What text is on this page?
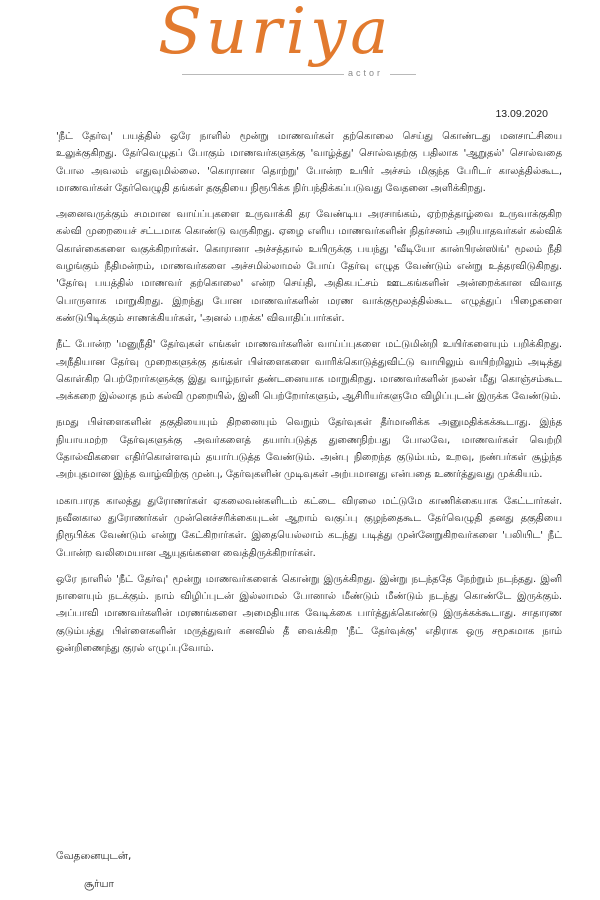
Suriya
actor
13.09.2020

'நீட் தேர்வு' பயத்தில் ஒரே நாளில் மூன்று மாணவர்கள் தற்கொலை செய்து கொண்டது மனசாட்சியை உலுக்குகிறது. தேர்வெழுதப் போகும் மாணவர்களுக்கு 'வாழ்த்து' சொல்வதற்கு பதிலாக 'ஆறுதல்' சொல்வதை போல அவலம் எதுவுமில்லை. 'கொரானா தொற்று' போன்ற உயிர் அச்சம் மிகுந்த பேரிடர் காலத்தில்கூட, மாணவர்கள் தேர்வெழுதி தங்கள் தகுதியை நிரூபிக்க நிர்பந்திக்கப்படுவது வேதனை அளிக்கிறது.

அனைவருக்கும் சமமான வாய்ப்புகளை உருவாக்கி தர வேண்டிய அரசாங்கம், ஏற்றத்தாழ்வை உருவாக்குகிற கல்வி முறையைச் சட்டமாக கொண்டு வருகிறது. ஏழை எளிய மாணவர்களின் நிதர்சனம் அறியாதவர்கள் கல்விக் கொள்கைகளை வகுக்கிறார்கள். கொரானா அச்சத்தால் உயிருக்கு பயந்து 'வீடியோ கான்பிரன்ஸிங்' மூலம் நீதி வழங்கும் நீதிமன்றம், மாணவர்களை அச்சமில்லாமல் போய் தேர்வு எழுத வேண்டும் என்று உத்தரவிடுகிறது. 'தேர்வு பயத்தில் மாணவர் தற்கொலை' என்ற செய்தி, அதிகபட்சம் ஊடகங்களின் அன்றைக்கான விவாத பொருளாக மாறுகிறது. இறந்து போன மாணவர்களின் மரண வாக்குமூலத்தில்கூட எழுத்துப் பிழைகளை கண்டுபிடிக்கும் சாணக்கியர்கள், 'அனல் பறக்க' விவாதிப்பார்கள்.

நீட் போன்ற 'மனுநீதி' தேர்வுகள் எங்கள் மாணவர்களின் வாய்ப்புகளை மட்டுமின்றி உயிர்களையும் பறிக்கிறது. அநீதியான தேர்வு முறைகளுக்கு தங்கள் பிள்ளைகளை வாரிக்கொடுத்துவிட்டு வாயிலும் வயிற்றிலும் அடித்து கொள்கிற பெற்றோர்களுக்கு இது வாழ்நாள் தண்டனையாக மாறுகிறது. மாணவர்களின் நலன் மீது கொஞ்சம்கூட அக்கறை இல்லாத நம் கல்வி முறையில், இனி பெற்றோர்களும், ஆசிரியர்களுமே விழிப்புடன் இருக்க வேண்டும்.

நமது பிள்ளைகளின் தகுதியையும் திறனையும் வெறும் தேர்வுகள் தீர்மானிக்க அனுமதிக்கக்கூடாது. இந்த நியாயமற்ற தேர்வுகளுக்கு அவர்களைத் தயார்படுத்த துணைநிற்பது போலவே, மாணவர்கள் வெற்றி தோல்விகளை எதிர்கொள்ளவும் தயார்படுத்த வேண்டும். அன்பு நிறைந்த குடும்பம், உறவு, நண்பர்கள் சூழ்ந்த அற்புதமான இந்த வாழ்விற்கு முன்பு, தேர்வுகளின் முடிவுகள் அற்பமானது என்பதை உணர்த்துவது முக்கியம்.

மகாபாரத காலத்து துரோணர்கள் ஏகலைவன்களிடம் கட்டை விரலை மட்டுமே காணிக்கையாக கேட்டார்கள். நவீனகால துரோணர்கள் முன்னெச்சரிக்கையுடன் ஆறாம் வகுப்பு குழந்தைகூட தேர்வெழுதி தனது தகுதியை நிரூபிக்க வேண்டும் என்று கேட்கிறார்கள். இதையெல்லாம் கடந்து படித்து முன்னேறுகிறவர்களை 'பலியிட' நீட் போன்ற வலிமையான ஆயுதங்களை வைத்திருக்கிறார்கள்.

ஒரே நாளில் 'நீட் தேர்வு' மூன்று மாணவர்களைக் கொன்று இருக்கிறது. இன்று நடந்ததே நேற்றும் நடந்தது. இனி நாளையும் நடக்கும். நாம் விழிப்புடன் இல்லாமல் போனால் மீண்டும் மீண்டும் நடந்து கொண்டே இருக்கும். அப்பாவி மாணவர்களின் மரணங்களை அமைதியாக வேடிக்கை பார்த்துக்கொண்டு இருக்கக்கூடாது. சாதாரண குடும்பத்து பிள்ளைகளின் மருத்துவர் கனவில் தீ வைக்கிற 'நீட் தேர்வுக்கு' எதிராக ஒரு சமூகமாக நாம் ஒன்றிணைந்து குரல் எழுப்புவோம்.

வேதனையுடன்,
சூர்யா
